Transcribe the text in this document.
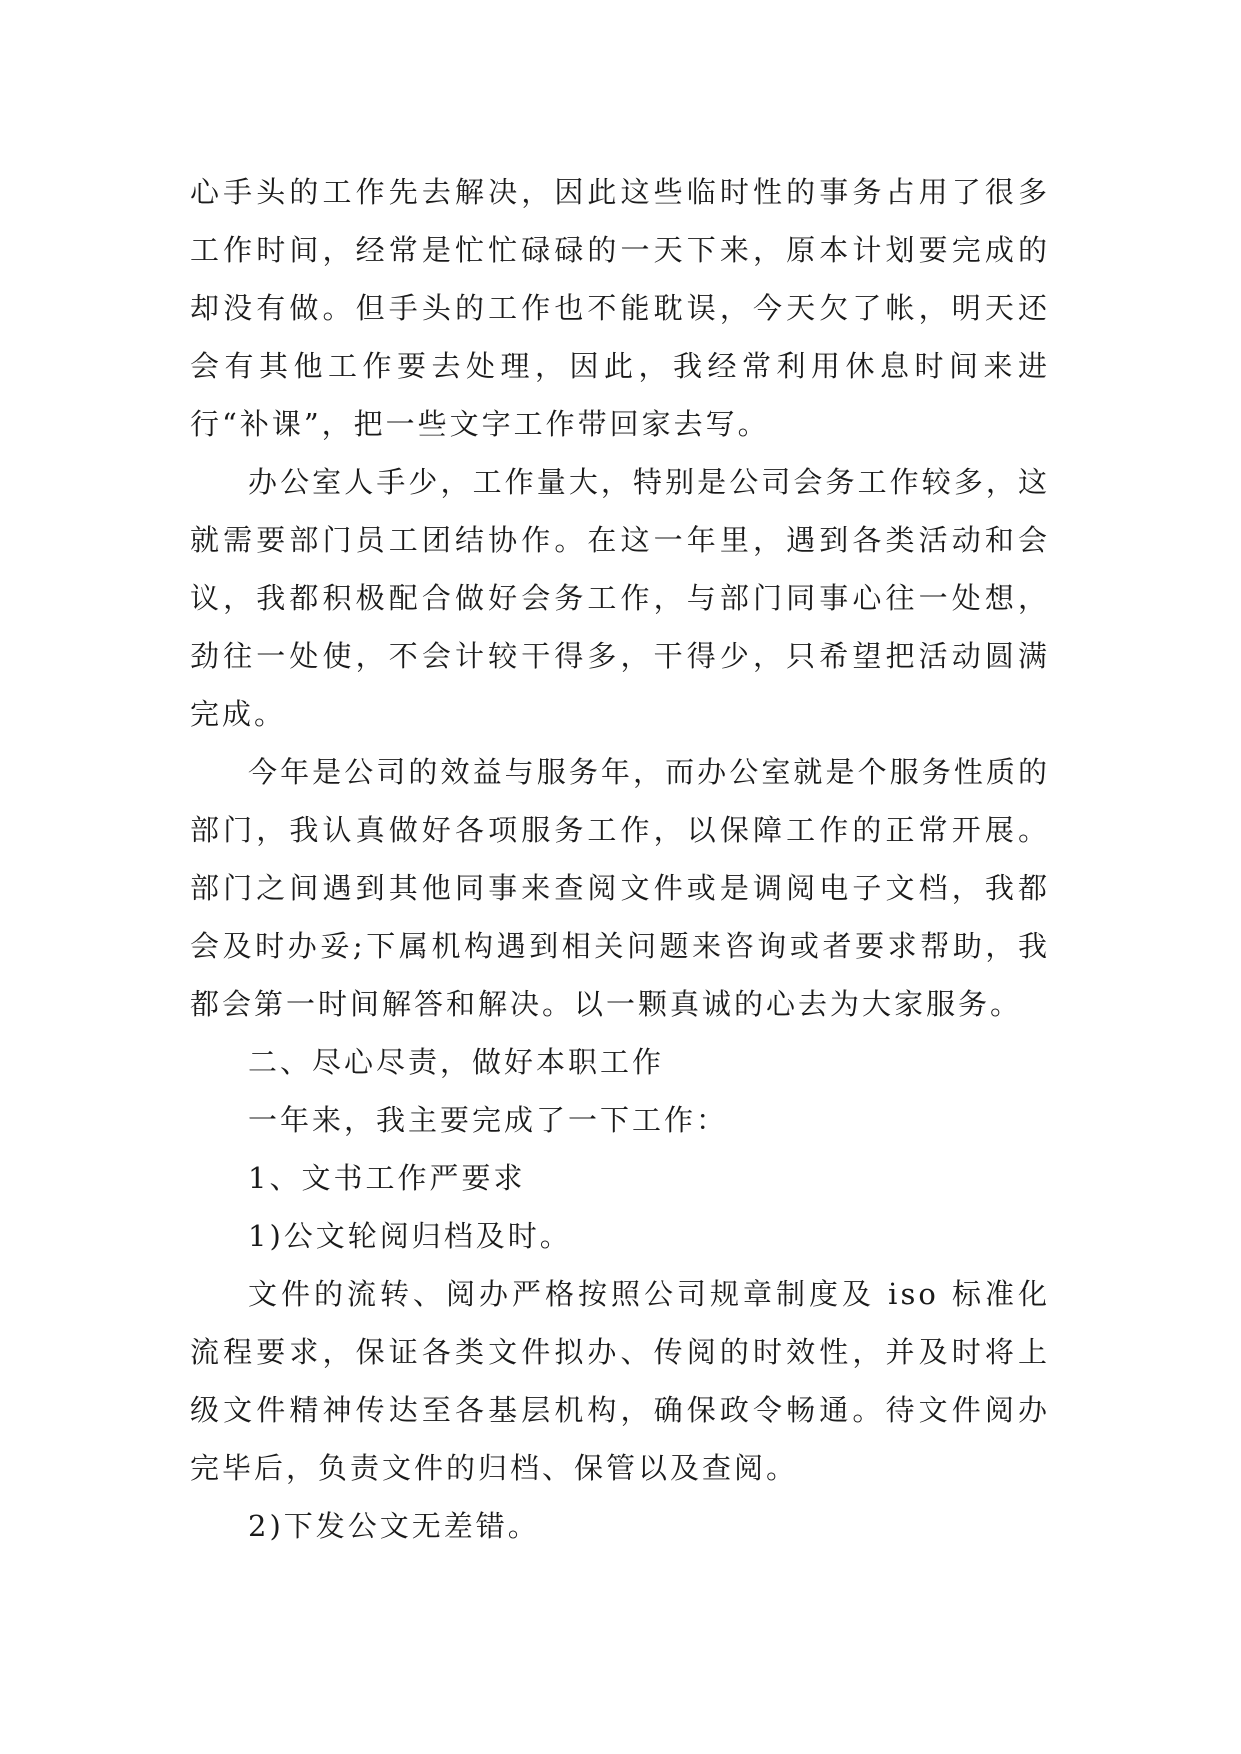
心手头的工作先去解决，因此这些临时性的事务占用了很多工作时间，经常是忙忙碌碌的一天下来，原本计划要完成的却没有做。但手头的工作也不能耽误，今天欠了帐，明天还会有其他工作要去处理，因此，我经常利用休息时间来进行“补课”，把一些文字工作带回家去写。

办公室人手少，工作量大，特别是公司会务工作较多，这就需要部门员工团结协作。在这一年里，遇到各类活动和会议，我都积极配合做好会务工作，与部门同事心往一处想，劲往一处使，不会计较干得多，干得少，只希望把活动圆满完成。

今年是公司的效益与服务年，而办公室就是个服务性质的部门，我认真做好各项服务工作，以保障工作的正常开展。部门之间遇到其他同事来查阅文件或是调阅电子文档，我都会及时办妥;下属机构遇到相关问题来咨询或者要求帮助，我都会第一时间解答和解决。以一颗真诚的心去为大家服务。

二、尽心尽责，做好本职工作

一年来，我主要完成了一下工作：

1、文书工作严要求

1)公文轮阅归档及时。

文件的流转、阅办严格按照公司规章制度及 iso 标准化流程要求，保证各类文件拟办、传阅的时效性，并及时将上级文件精神传达至各基层机构，确保政令畅通。待文件阅办完毕后，负责文件的归档、保管以及查阅。

2)下发公文无差错。
